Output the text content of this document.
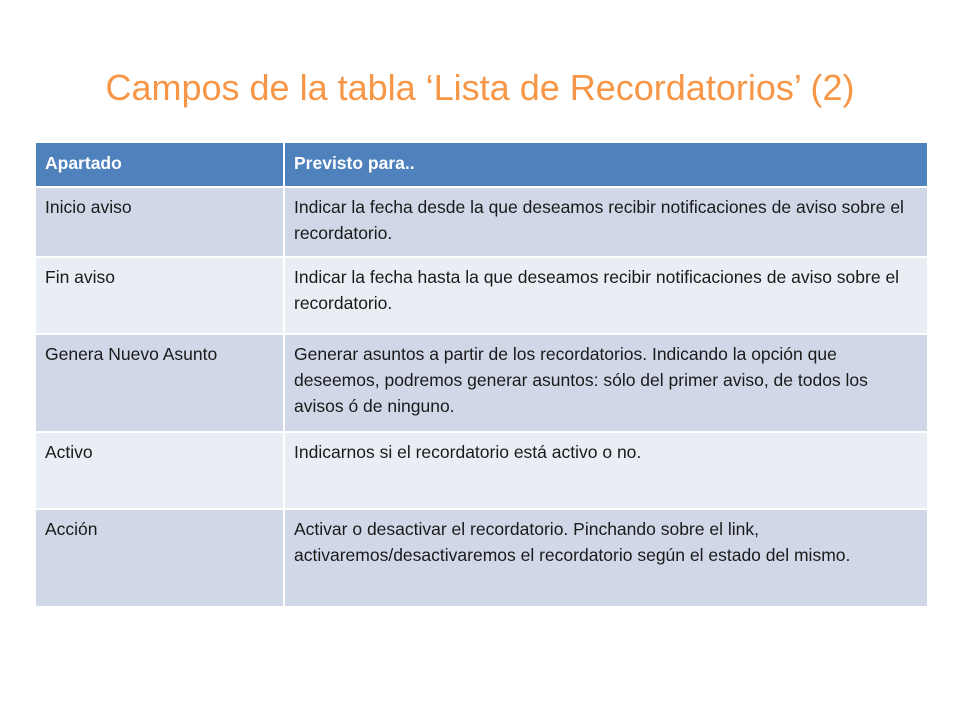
Campos de la tabla ‘Lista de Recordatorios’ (2)
Apartado	Previsto para..
Inicio aviso	Indicar la fecha desde la que deseamos recibir notificaciones de aviso sobre el recordatorio.
Fin aviso	Indicar la fecha hasta la que deseamos recibir notificaciones de aviso sobre el recordatorio.
Genera Nuevo Asunto	Generar asuntos a partir de los recordatorios. Indicando la opción que deseemos, podremos generar asuntos: sólo del primer aviso, de todos los avisos ó de ninguno.
Activo	Indicarnos si el recordatorio está activo o no.
Acción	Activar o desactivar el recordatorio. Pinchando sobre el link, activaremos/desactivaremos el recordatorio según el estado del mismo.
